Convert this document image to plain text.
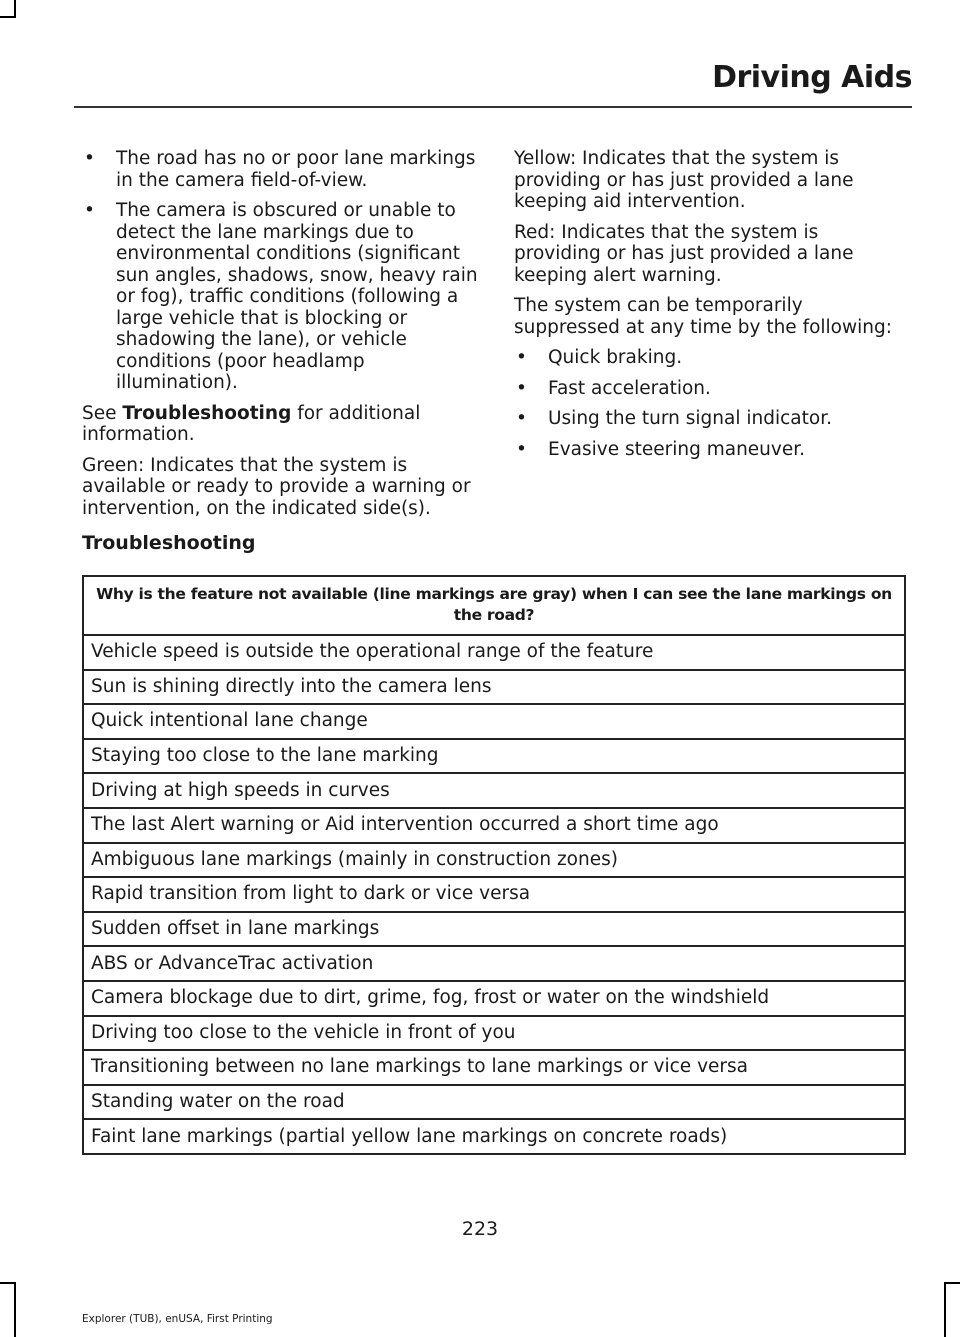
Driving Aids
• The road has no or poor lane markings in the camera field-of-view.
• The camera is obscured or unable to detect the lane markings due to environmental conditions (significant sun angles, shadows, snow, heavy rain or fog), traffic conditions (following a large vehicle that is blocking or shadowing the lane), or vehicle conditions (poor headlamp illumination).

See Troubleshooting for additional information.

Green: Indicates that the system is available or ready to provide a warning or intervention, on the indicated side(s).

Yellow: Indicates that the system is providing or has just provided a lane keeping aid intervention.

Red: Indicates that the system is providing or has just provided a lane keeping alert warning.

The system can be temporarily suppressed at any time by the following:

• Quick braking.
• Fast acceleration.
• Using the turn signal indicator.
• Evasive steering maneuver.
Troubleshooting
Why is the feature not available (line markings are gray) when I can see the lane markings on the road?
Vehicle speed is outside the operational range of the feature
Sun is shining directly into the camera lens
Quick intentional lane change
Staying too close to the lane marking
Driving at high speeds in curves
The last Alert warning or Aid intervention occurred a short time ago
Ambiguous lane markings (mainly in construction zones)
Rapid transition from light to dark or vice versa
Sudden offset in lane markings
ABS or AdvanceTrac activation
Camera blockage due to dirt, grime, fog, frost or water on the windshield
Driving too close to the vehicle in front of you
Transitioning between no lane markings to lane markings or vice versa
Standing water on the road
Faint lane markings (partial yellow lane markings on concrete roads)
223
Explorer (TUB), enUSA, First Printing
